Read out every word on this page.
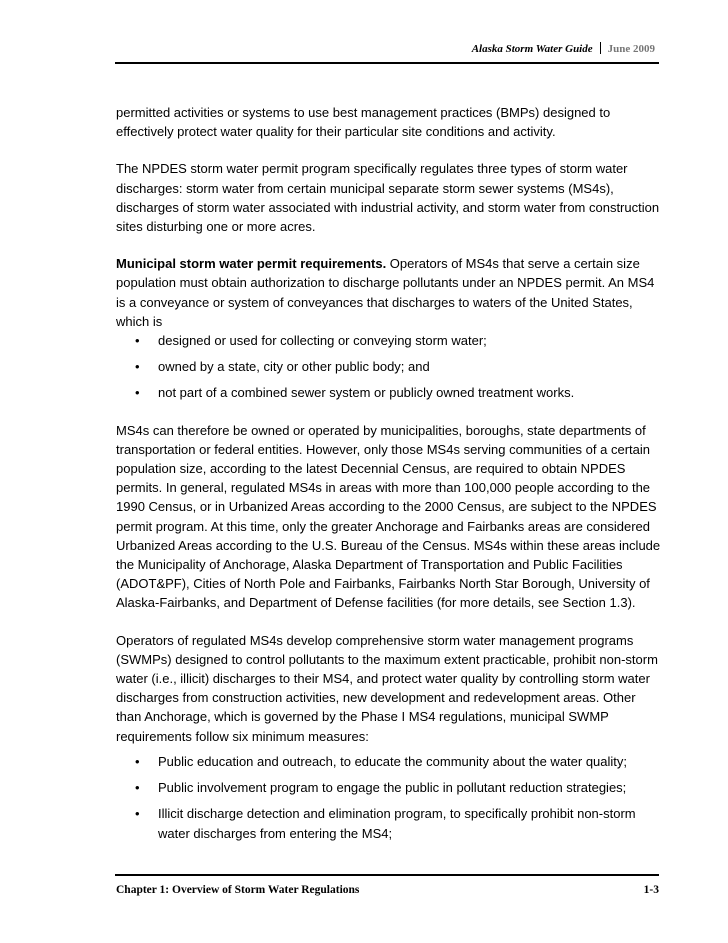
Alaska Storm Water Guide June 2009

permitted activities or systems to use best management practices (BMPs) designed to effectively protect water quality for their particular site conditions and activity.

The NPDES storm water permit program specifically regulates three types of storm water discharges: storm water from certain municipal separate storm sewer systems (MS4s), discharges of storm water associated with industrial activity, and storm water from construction sites disturbing one or more acres.

Municipal storm water permit requirements. Operators of MS4s that serve a certain size population must obtain authorization to discharge pollutants under an NPDES permit. An MS4 is a conveyance or system of conveyances that discharges to waters of the United States, which is

• designed or used for collecting or conveying storm water;
• owned by a state, city or other public body; and
• not part of a combined sewer system or publicly owned treatment works.

MS4s can therefore be owned or operated by municipalities, boroughs, state departments of transportation or federal entities. However, only those MS4s serving communities of a certain population size, according to the latest Decennial Census, are required to obtain NPDES permits. In general, regulated MS4s in areas with more than 100,000 people according to the 1990 Census, or in Urbanized Areas according to the 2000 Census, are subject to the NPDES permit program. At this time, only the greater Anchorage and Fairbanks areas are considered Urbanized Areas according to the U.S. Bureau of the Census. MS4s within these areas include the Municipality of Anchorage, Alaska Department of Transportation and Public Facilities (ADOT&PF), Cities of North Pole and Fairbanks, Fairbanks North Star Borough, University of Alaska-Fairbanks, and Department of Defense facilities (for more details, see Section 1.3).

Operators of regulated MS4s develop comprehensive storm water management programs (SWMPs) designed to control pollutants to the maximum extent practicable, prohibit non-storm water (i.e., illicit) discharges to their MS4, and protect water quality by controlling storm water discharges from construction activities, new development and redevelopment areas. Other than Anchorage, which is governed by the Phase I MS4 regulations, municipal SWMP requirements follow six minimum measures:

• Public education and outreach, to educate the community about the water quality;
• Public involvement program to engage the public in pollutant reduction strategies;
• Illicit discharge detection and elimination program, to specifically prohibit non-storm water discharges from entering the MS4;
Chapter 1: Overview of Storm Water Regulations	1-3
